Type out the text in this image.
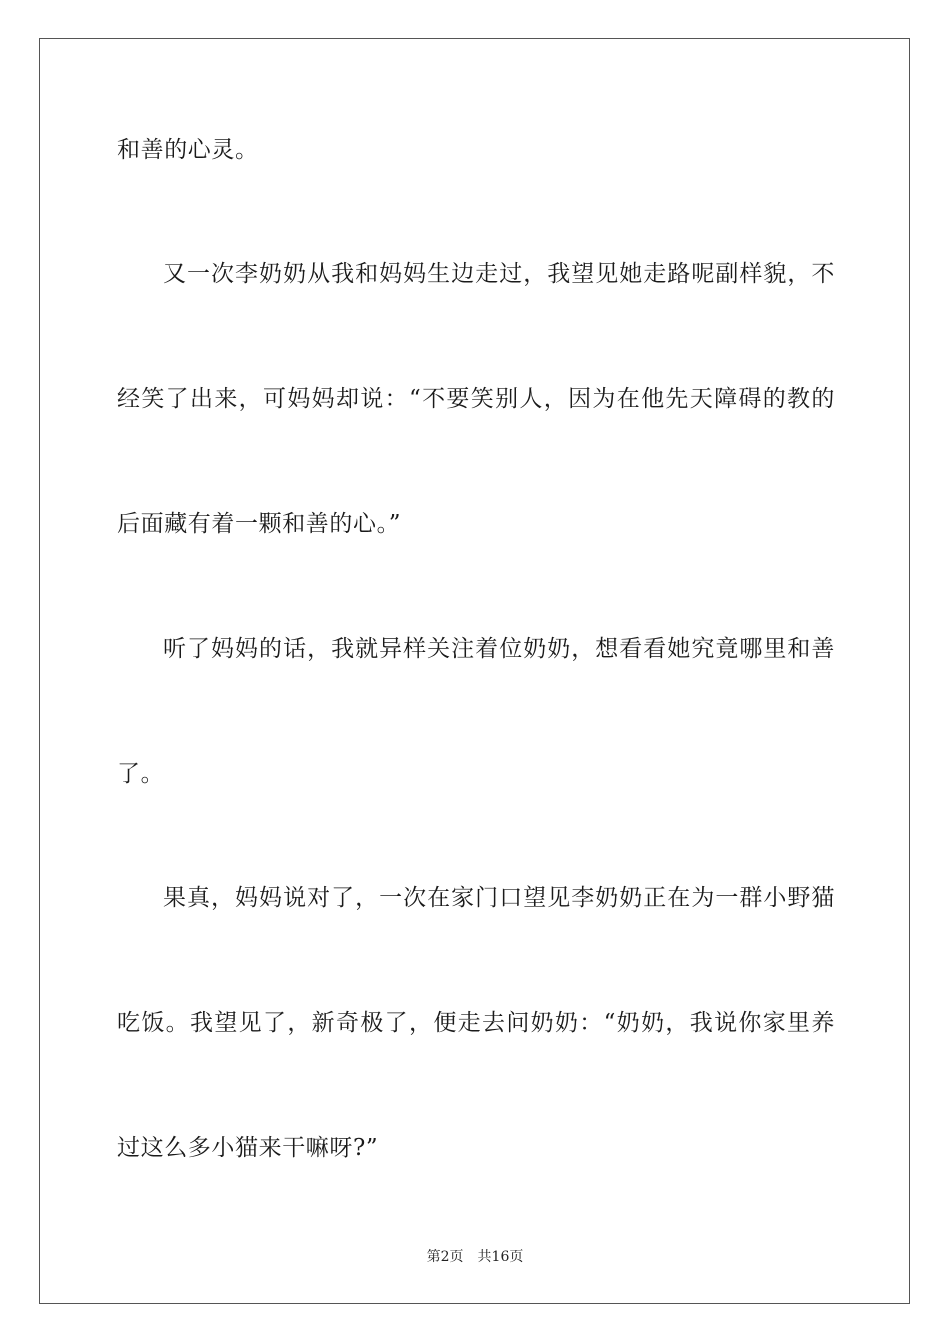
和善的心灵。
又一次李奶奶从我和妈妈生边走过，我望见她走路呢副样貌，不
经笑了出来，可妈妈却说：“不要笑别人，因为在他先天障碍的教的
后面藏有着一颗和善的心。”
听了妈妈的话，我就异样关注着位奶奶，想看看她究竟哪里和善
了。
果真，妈妈说对了，一次在家门口望见李奶奶正在为一群小野猫
吃饭。我望见了，新奇极了，便走去问奶奶：“奶奶，我说你家里养
过这么多小猫来干嘛呀?”
第2页 共16页
